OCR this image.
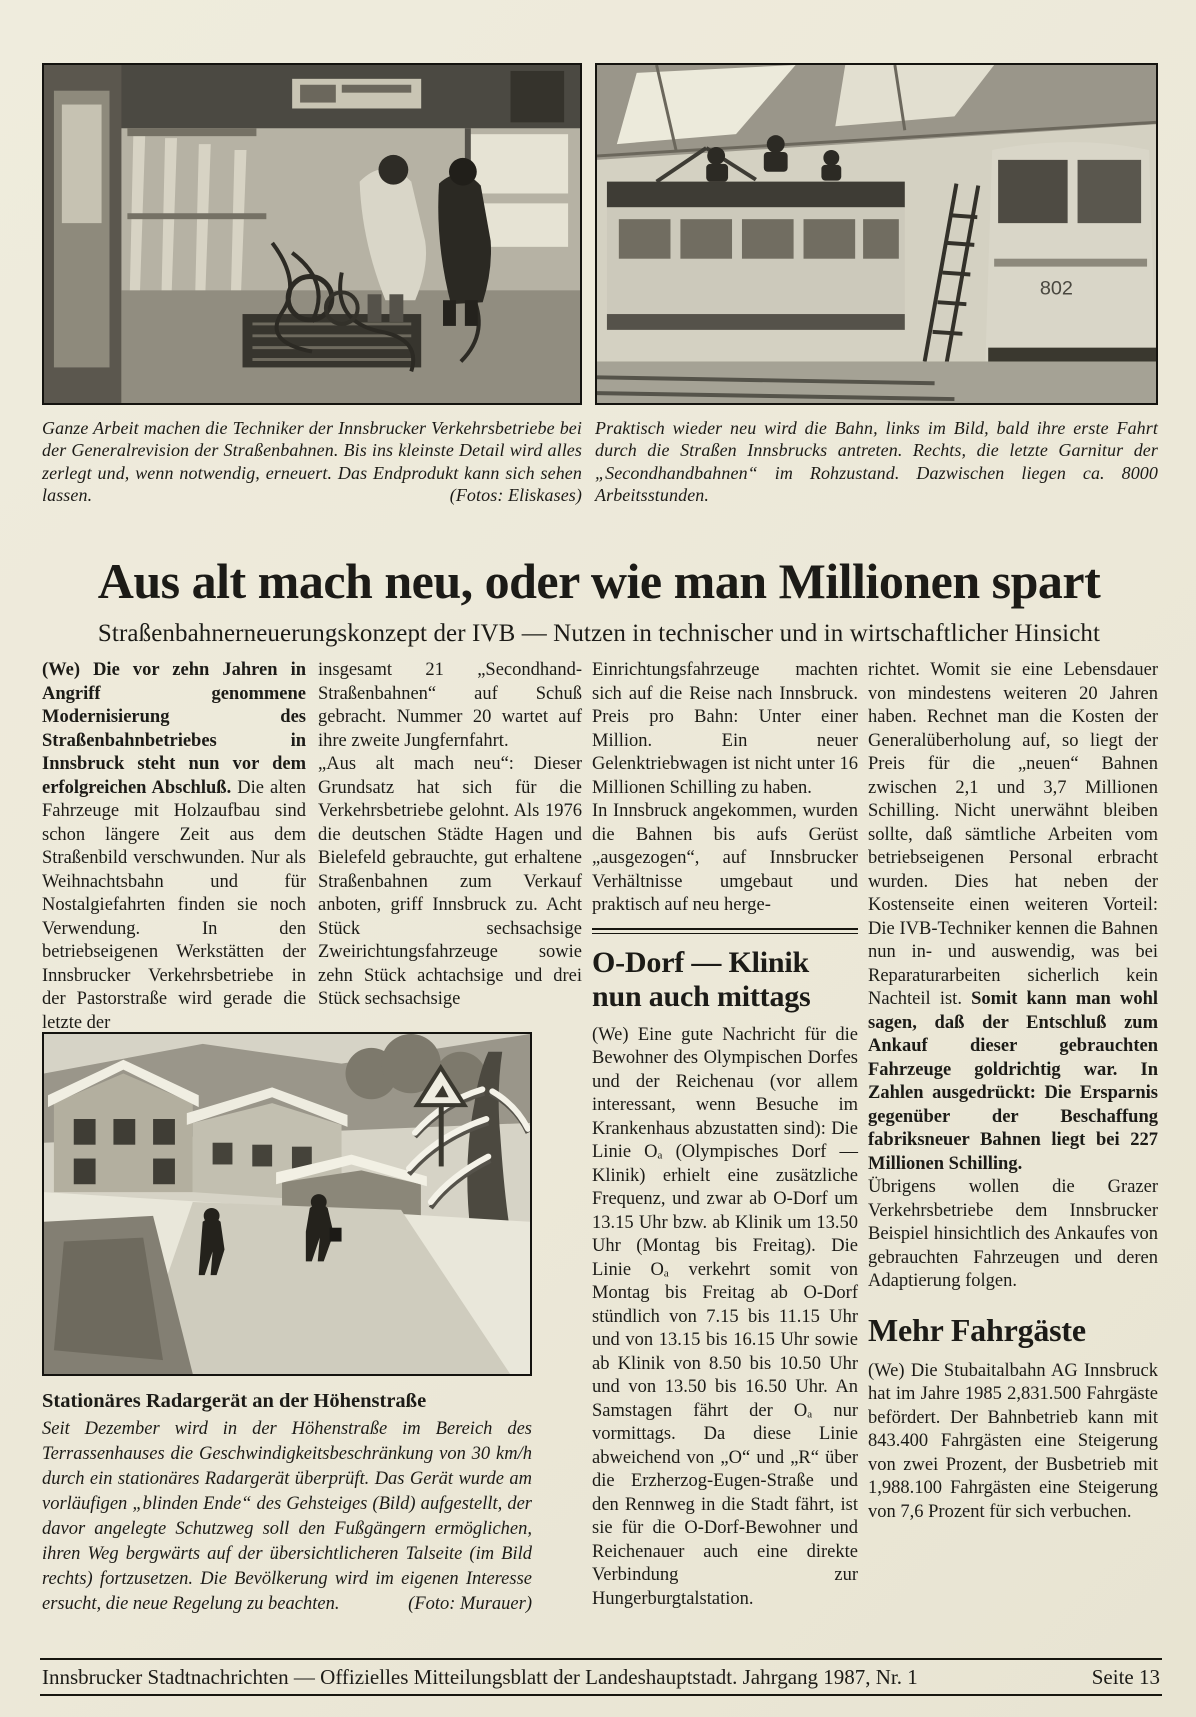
802
Ganze Arbeit machen die Techniker der Innsbrucker Verkehrsbetriebe bei der Generalrevision der Straßenbahnen. Bis ins kleinste Detail wird alles zerlegt und, wenn notwendig, erneuert. Das Endprodukt kann sich sehen lassen.	(Fotos: Eliskases)
Praktisch wieder neu wird die Bahn, links im Bild, bald ihre erste Fahrt durch die Straßen Innsbrucks antreten. Rechts, die letzte Garnitur der „Secondhandbahnen“ im Rohzustand. Dazwischen liegen ca. 8000 Arbeitsstunden.
Aus alt mach neu, oder wie man Millionen spart
Straßenbahnerneuerungskonzept der IVB — Nutzen in technischer und in wirtschaftlicher Hinsicht

(We) Die vor zehn Jahren in Angriff genommene Modernisierung des Straßenbahnbetriebes in Innsbruck steht nun vor dem erfolgreichen Abschluß. Die alten Fahrzeuge mit Holzaufbau sind schon längere Zeit aus dem Straßenbild verschwunden. Nur als Weihnachtsbahn und für Nostalgiefahrten finden sie noch Verwendung. In den betriebseigenen Werkstätten der Innsbrucker Verkehrsbetriebe in der Pastorstraße wird gerade die letzte der

insgesamt 21 „Secondhand-Straßenbahnen“ auf Schuß gebracht. Nummer 20 wartet auf ihre zweite Jungfernfahrt.

„Aus alt mach neu“: Dieser Grundsatz hat sich für die Verkehrsbetriebe gelohnt. Als 1976 die deutschen Städte Hagen und Bielefeld gebrauchte, gut erhaltene Straßenbahnen zum Verkauf anboten, griff Innsbruck zu. Acht Stück sechsachsige Zweirichtungsfahrzeuge sowie zehn Stück achtachsige und drei Stück sechsachsige

Einrichtungsfahrzeuge machten sich auf die Reise nach Innsbruck. Preis pro Bahn: Unter einer Million. Ein neuer Gelenktriebwagen ist nicht unter 16 Millionen Schilling zu haben.

In Innsbruck angekommen, wurden die Bahnen bis aufs Gerüst „ausgezogen“, auf Innsbrucker Verhältnisse umgebaut und praktisch auf neu herge-

O-Dorf — Klinik
nun auch mittags

(We) Eine gute Nachricht für die Bewohner des Olympischen Dorfes und der Reichenau (vor allem interessant, wenn Besuche im Krankenhaus abzustatten sind): Die Linie Oₐ (Olympisches Dorf — Klinik) erhielt eine zusätzliche Frequenz, und zwar ab O-Dorf um 13.15 Uhr bzw. ab Klinik um 13.50 Uhr (Montag bis Freitag). Die Linie Oₐ verkehrt somit von Montag bis Freitag ab O-Dorf stündlich von 7.15 bis 11.15 Uhr und von 13.15 bis 16.15 Uhr sowie ab Klinik von 8.50 bis 10.50 Uhr und von 13.50 bis 16.50 Uhr. An Samstagen fährt der Oₐ nur vormittags. Da diese Linie abweichend von „O“ und „R“ über die Erzherzog-Eugen-Straße und den Rennweg in die Stadt fährt, ist sie für die O-Dorf-Bewohner und Reichenauer auch eine direkte Verbindung zur Hungerburgtalstation.

richtet. Womit sie eine Lebensdauer von mindestens weiteren 20 Jahren haben. Rechnet man die Kosten der Generalüberholung auf, so liegt der Preis für die „neuen“ Bahnen zwischen 2,1 und 3,7 Millionen Schilling. Nicht unerwähnt bleiben sollte, daß sämtliche Arbeiten vom betriebseigenen Personal erbracht wurden. Dies hat neben der Kostenseite einen weiteren Vorteil: Die IVB-Techniker kennen die Bahnen nun in- und auswendig, was bei Reparaturarbeiten sicherlich kein Nachteil ist. Somit kann man wohl sagen, daß der Entschluß zum Ankauf dieser gebrauchten Fahrzeuge goldrichtig war. In Zahlen ausgedrückt: Die Ersparnis gegenüber der Beschaffung fabriksneuer Bahnen liegt bei 227 Millionen Schilling.

Übrigens wollen die Grazer Verkehrsbetriebe dem Innsbrucker Beispiel hinsichtlich des Ankaufes von gebrauchten Fahrzeugen und deren Adaptierung folgen.

Mehr Fahrgäste

(We) Die Stubaitalbahn AG Innsbruck hat im Jahre 1985 2,831.500 Fahrgäste befördert. Der Bahnbetrieb kann mit 843.400 Fahrgästen eine Steigerung von zwei Prozent, der Busbetrieb mit 1,988.100 Fahrgästen eine Steigerung von 7,6 Prozent für sich verbuchen.

Stationäres Radargerät an der Höhenstraße
Seit Dezember wird in der Höhenstraße im Bereich des Terrassenhauses die Geschwindigkeitsbeschränkung von 30 km/h durch ein stationäres Radargerät überprüft. Das Gerät wurde am vorläufigen „blinden Ende“ des Gehsteiges (Bild) aufgestellt, der davor angelegte Schutzweg soll den Fußgängern ermöglichen, ihren Weg bergwärts auf der übersichtlicheren Talseite (im Bild rechts) fortzusetzen. Die Bevölkerung wird im eigenen Interesse ersucht, die neue Regelung zu beachten.	(Foto: Murauer)
Innsbrucker Stadtnachrichten — Offizielles Mitteilungsblatt der Landeshauptstadt. Jahrgang 1987, Nr. 1	Seite 13
